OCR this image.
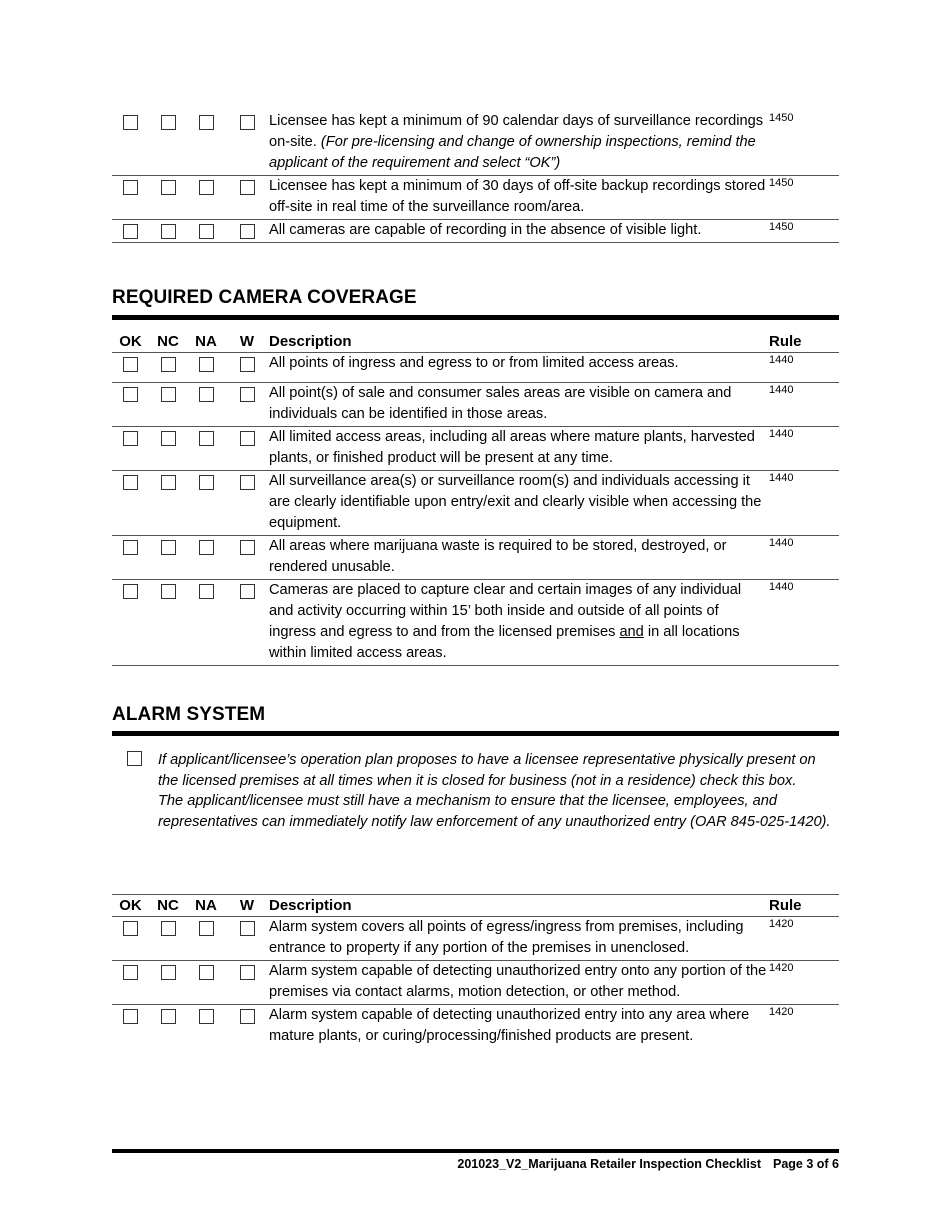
	Licensee has kept a minimum of 90 calendar days of surveillance recordings on-site. (For pre-licensing and change of ownership inspections, remind the applicant of the requirement and select “OK”)	1450

	Licensee has kept a minimum of 30 days of off-site backup recordings stored off-site in real time of the surveillance room/area.	1450

	All cameras are capable of recording in the absence of visible light.	1450
REQUIRED CAMERA COVERAGE
OK	NC	NA	W	Description	Rule

	All points of ingress and egress to or from limited access areas.	1440

	All point(s) of sale and consumer sales areas are visible on camera and individuals can be identified in those areas.	1440

	All limited access areas, including all areas where mature plants, harvested plants, or finished product will be present at any time.	1440

	All surveillance area(s) or surveillance room(s) and individuals accessing it are clearly identifiable upon entry/exit and clearly visible when accessing the equipment.	1440

	All areas where marijuana waste is required to be stored, destroyed, or rendered unusable.	1440

	Cameras are placed to capture clear and certain images of any individual and activity occurring within 15’ both inside and outside of all points of ingress and egress to and from the licensed premises and in all locations within limited access areas.	1440
ALARM SYSTEM
If applicant/licensee’s operation plan proposes to have a licensee representative physically present on the licensed premises at all times when it is closed for business (not in a residence) check this box.
The applicant/licensee must still have a mechanism to ensure that the licensee, employees, and representatives can immediately notify law enforcement of any unauthorized entry (OAR 845-025-1420).
OK	NC	NA	W	Description	Rule

	Alarm system covers all points of egress/ingress from premises, including entrance to property if any portion of the premises in unenclosed.	1420

	Alarm system capable of detecting unauthorized entry onto any portion of the premises via contact alarms, motion detection, or other method.	1420

	Alarm system capable of detecting unauthorized entry into any area where mature plants, or curing/processing/finished products are present.	1420
201023_V2_Marijuana Retailer Inspection Checklist Page 3 of 6
